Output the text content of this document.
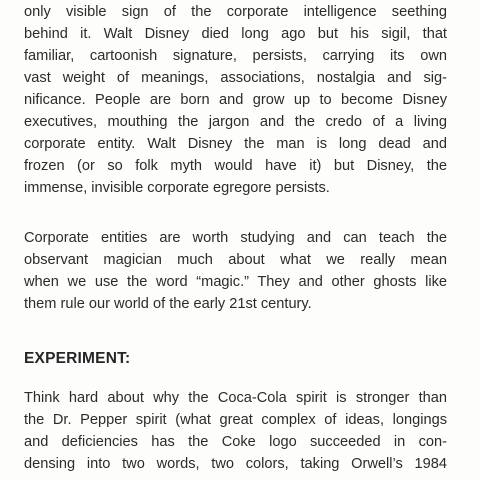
only visible sign of the corporate intelligence seething
behind it. Walt Disney died long ago but his sigil, that
familiar, cartoonish signature, persists, carrying its own
vast weight of meanings, associations, nostalgia and sig-
nificance. People are born and grow up to become Disney
executives, mouthing the jargon and the credo of a living
corporate entity. Walt Disney the man is long dead and
frozen (or so folk myth would have it) but Disney, the
immense, invisible corporate egregore persists.
Corporate entities are worth studying and can teach the
observant magician much about what we really mean
when we use the word “magic.” They and other ghosts like
them rule our world of the early 21st century.
EXPERIMENT:
Think hard about why the Coca-Cola spirit is stronger than
the Dr. Pepper spirit (what great complex of ideas, longings
and deficiencies has the Coke logo succeeded in con-
densing into two words, two colors, taking Orwell’s 1984
